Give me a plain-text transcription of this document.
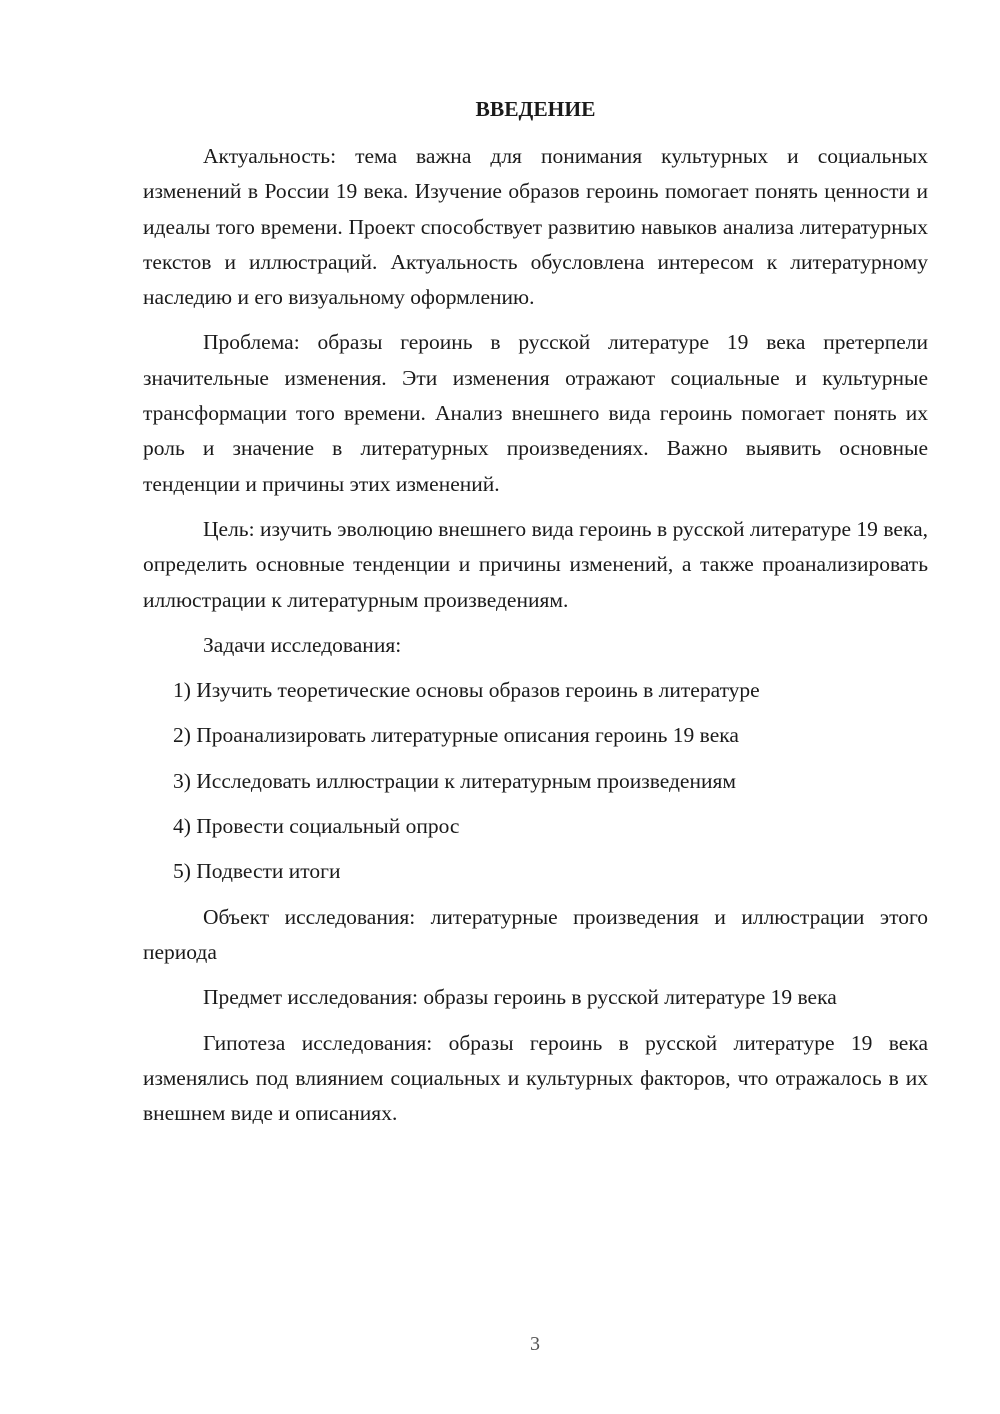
ВВЕДЕНИЕ

Актуальность: тема важна для понимания культурных и социальных изменений в России 19 века. Изучение образов героинь помогает понять ценности и идеалы того времени. Проект способствует развитию навыков анализа литературных текстов и иллюстраций. Актуальность обусловлена интересом к литературному наследию и его визуальному оформлению.

Проблема: образы героинь в русской литературе 19 века претерпели значительные изменения. Эти изменения отражают социальные и культурные трансформации того времени. Анализ внешнего вида героинь помогает понять их роль и значение в литературных произведениях. Важно выявить основные тенденции и причины этих изменений.

Цель: изучить эволюцию внешнего вида героинь в русской литературе 19 века, определить основные тенденции и причины изменений, а также проанализировать иллюстрации к литературным произведениям.

Задачи исследования:

1) Изучить теоретические основы образов героинь в литературе
2) Проанализировать литературные описания героинь 19 века
3) Исследовать иллюстрации к литературным произведениям
4) Провести социальный опрос
5) Подвести итоги

Объект исследования: литературные произведения и иллюстрации этого периода

Предмет исследования: образы героинь в русской литературе 19 века

Гипотеза исследования: образы героинь в русской литературе 19 века изменялись под влиянием социальных и культурных факторов, что отражалось в их внешнем виде и описаниях.

3
